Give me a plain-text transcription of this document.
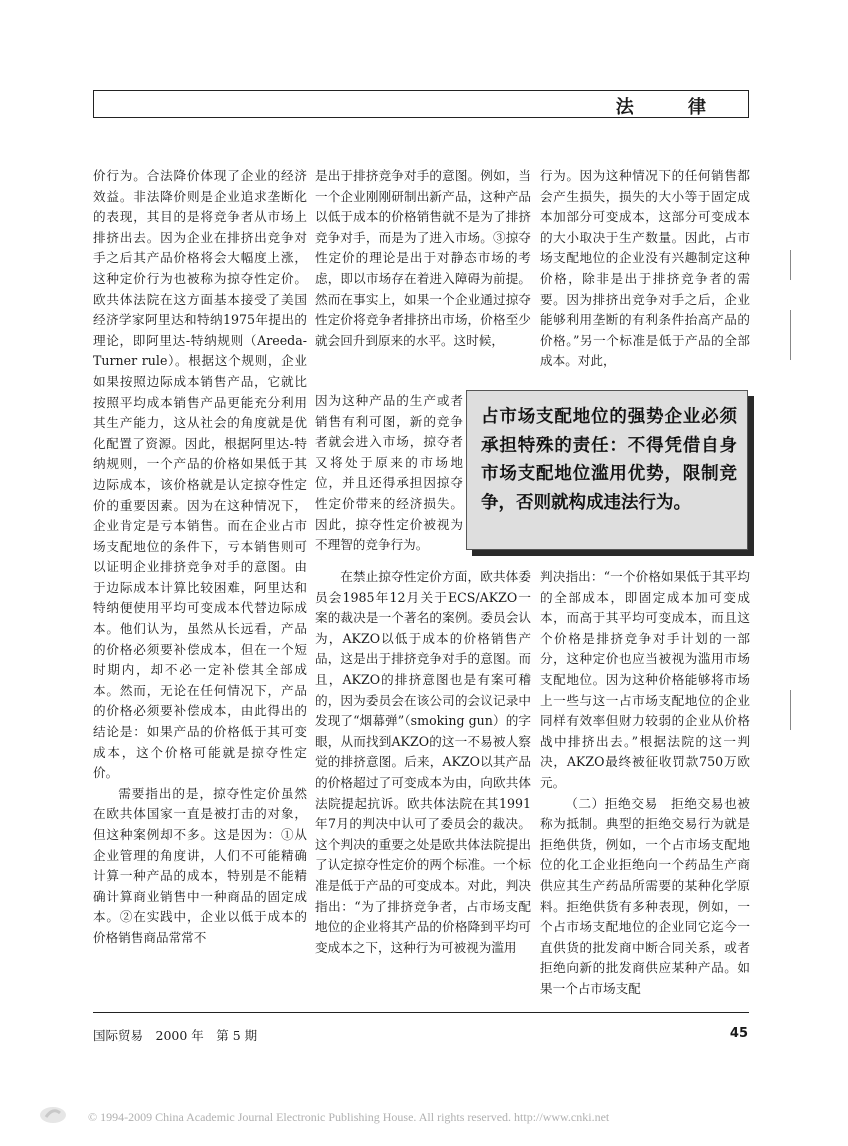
法 律

价行为。合法降价体现了企业的经济效益。非法降价则是企业追求垄断化的表现，其目的是将竞争者从市场上排挤出去。因为企业在排挤出竞争对手之后其产品价格将会大幅度上涨，这种定价行为也被称为掠夺性定价。欧共体法院在这方面基本接受了美国经济学家阿里达和特纳1975年提出的理论，即阿里达-特纳规则（Areeda-Turner rule）。根据这个规则，企业如果按照边际成本销售产品，它就比按照平均成本销售产品更能充分利用其生产能力，这从社会的角度就是优化配置了资源。因此，根据阿里达-特纳规则，一个产品的价格如果低于其边际成本，该价格就是认定掠夺性定价的重要因素。因为在这种情况下，企业肯定是亏本销售。而在企业占市场支配地位的条件下，亏本销售则可以证明企业排挤竞争对手的意图。由于边际成本计算比较困难，阿里达和特纳便使用平均可变成本代替边际成本。他们认为，虽然从长远看，产品的价格必须要补偿成本，但在一个短时期内，却不必一定补偿其全部成本。然而，无论在任何情况下，产品的价格必须要补偿成本，由此得出的结论是：如果产品的价格低于其可变成本，这个价格可能就是掠夺性定价。

需要指出的是，掠夺性定价虽然在欧共体国家一直是被打击的对象，但这种案例却不多。这是因为：①从企业管理的角度讲，人们不可能精确计算一种产品的成本，特别是不能精确计算商业销售中一种商品的固定成本。②在实践中，企业以低于成本的价格销售商品常常不

是出于排挤竞争对手的意图。例如，当一个企业刚刚研制出新产品，这种产品以低于成本的价格销售就不是为了排挤竞争对手，而是为了进入市场。③掠夺性定价的理论是出于对静态市场的考虑，即以市场存在着进入障碍为前提。然而在事实上，如果一个企业通过掠夺性定价将竞争者排挤出市场，价格至少就会回升到原来的水平。这时候，

因为这种产品的生产或者销售有利可图，新的竞争者就会进入市场，掠夺者又将处于原来的市场地位，并且还得承担因掠夺性定价带来的经济损失。因此，掠夺性定价被视为不理智的竞争行为。

在禁止掠夺性定价方面，欧共体委员会1985年12月关于ECS/AKZO一案的裁决是一个著名的案例。委员会认为，AKZO以低于成本的价格销售产品，这是出于排挤竞争对手的意图。而且，AKZO的排挤意图也是有案可稽的，因为委员会在该公司的会议记录中发现了“烟幕弹”（smoking gun）的字眼，从而找到AKZO的这一不易被人察觉的排挤意图。后来，AKZO以其产品的价格超过了可变成本为由，向欧共体法院提起抗诉。欧共体法院在其1991年7月的判决中认可了委员会的裁决。这个判决的重要之处是欧共体法院提出了认定掠夺性定价的两个标准。一个标准是低于产品的可变成本。对此，判决指出：“为了排挤竞争者，占市场支配地位的企业将其产品的价格降到平均可变成本之下，这种行为可被视为滥用

行为。因为这种情况下的任何销售都会产生损失，损失的大小等于固定成本加部分可变成本，这部分可变成本的大小取决于生产数量。因此，占市场支配地位的企业没有兴趣制定这种价格，除非是出于排挤竞争者的需要。因为排挤出竞争对手之后，企业能够利用垄断的有利条件抬高产品的价格。”另一个标准是低于产品的全部成本。对此，

判决指出：“一个价格如果低于其平均的全部成本，即固定成本加可变成本，而高于其平均可变成本，而且这个价格是排挤竞争对手计划的一部分，这种定价也应当被视为滥用市场支配地位。因为这种价格能够将市场上一些与这一占市场支配地位的企业同样有效率但财力较弱的企业从价格战中排挤出去。”根据法院的这一判决，AKZO最终被征收罚款750万欧元。

（二）拒绝交易　拒绝交易也被称为抵制。典型的拒绝交易行为就是拒绝供货，例如，一个占市场支配地位的化工企业拒绝向一个药品生产商供应其生产药品所需要的某种化学原料。拒绝供货有多种表现，例如，一个占市场支配地位的企业同它迄今一直供货的批发商中断合同关系，或者拒绝向新的批发商供应某种产品。如果一个占市场支配

占市场支配地位的强势企业必须承担特殊的责任：不得凭借自身市场支配地位滥用优势，限制竞争，否则就构成违法行为。
国际贸易　2000 年　第 5 期	45
© 1994-2009 China Academic Journal Electronic Publishing House. All rights reserved. http://www.cnki.net
